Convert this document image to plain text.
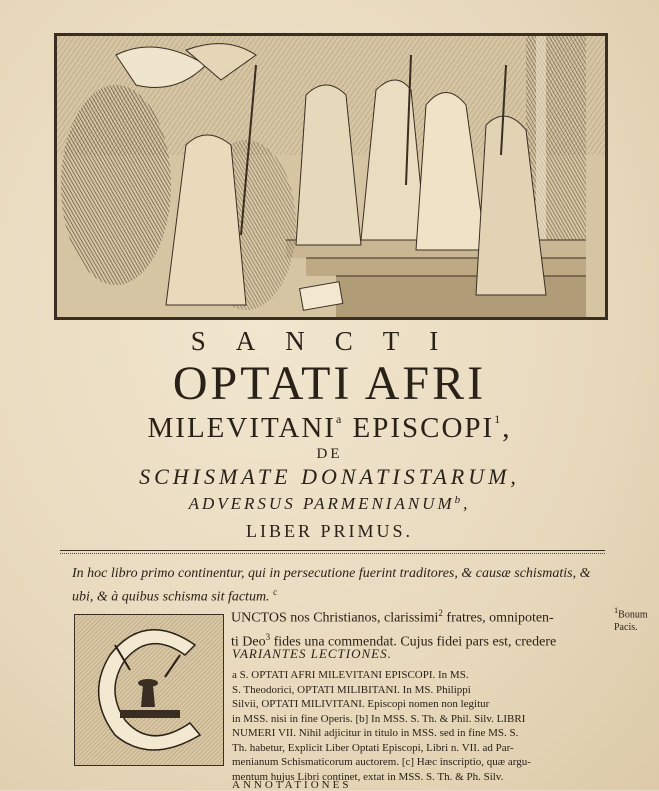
SANCTI
OPTATI AFRI
MILEVITANI$^a$ EPISCOPI$^1$,
DE
SCHISMATE DONATISTARUM,
ADVERSUS PARMENIANUM$^b$,
LIBER PRIMUS.
In hoc libro primo continentur, qui in persecutione fuerint traditores, & causæ schismatis, & ubi, & à quibus schisma sit factum. $^c$
UNCTOS nos Christianos, clarissimi$^2$ fratres, omnipoten-
ti Deo$^3$ fides una commendat. Cujus fidei pars est, credere
$^1$Bonum
Pacis.
VARIANTES LECTIONES.
a S. OPTATI AFRI MILEVITANI EPISCOPI. In MS.
S. Theodorici, OPTATI MILIBITANI. In MS. Philippi
Silvii, OPTATI MILIVITANI. Episcopi nomen non legitur
in MSS. nisi in fine Operis. [b] In MSS. S. Th. & Phil. Silv. LIBRI
NUMERI VII. Nihil adjicitur in titulo in MSS. sed in fine MS. S.
Th. habetur, Explicit Liber Optati Episcopi, Libri n. VII. ad Par-
menianum Schismaticorum auctorem. [c] Hæc inscriptio, quæ argu-
mentum hujus Libri continet, extat in MSS. S. Th. & Ph. Silv.
ANNOTATIONES
